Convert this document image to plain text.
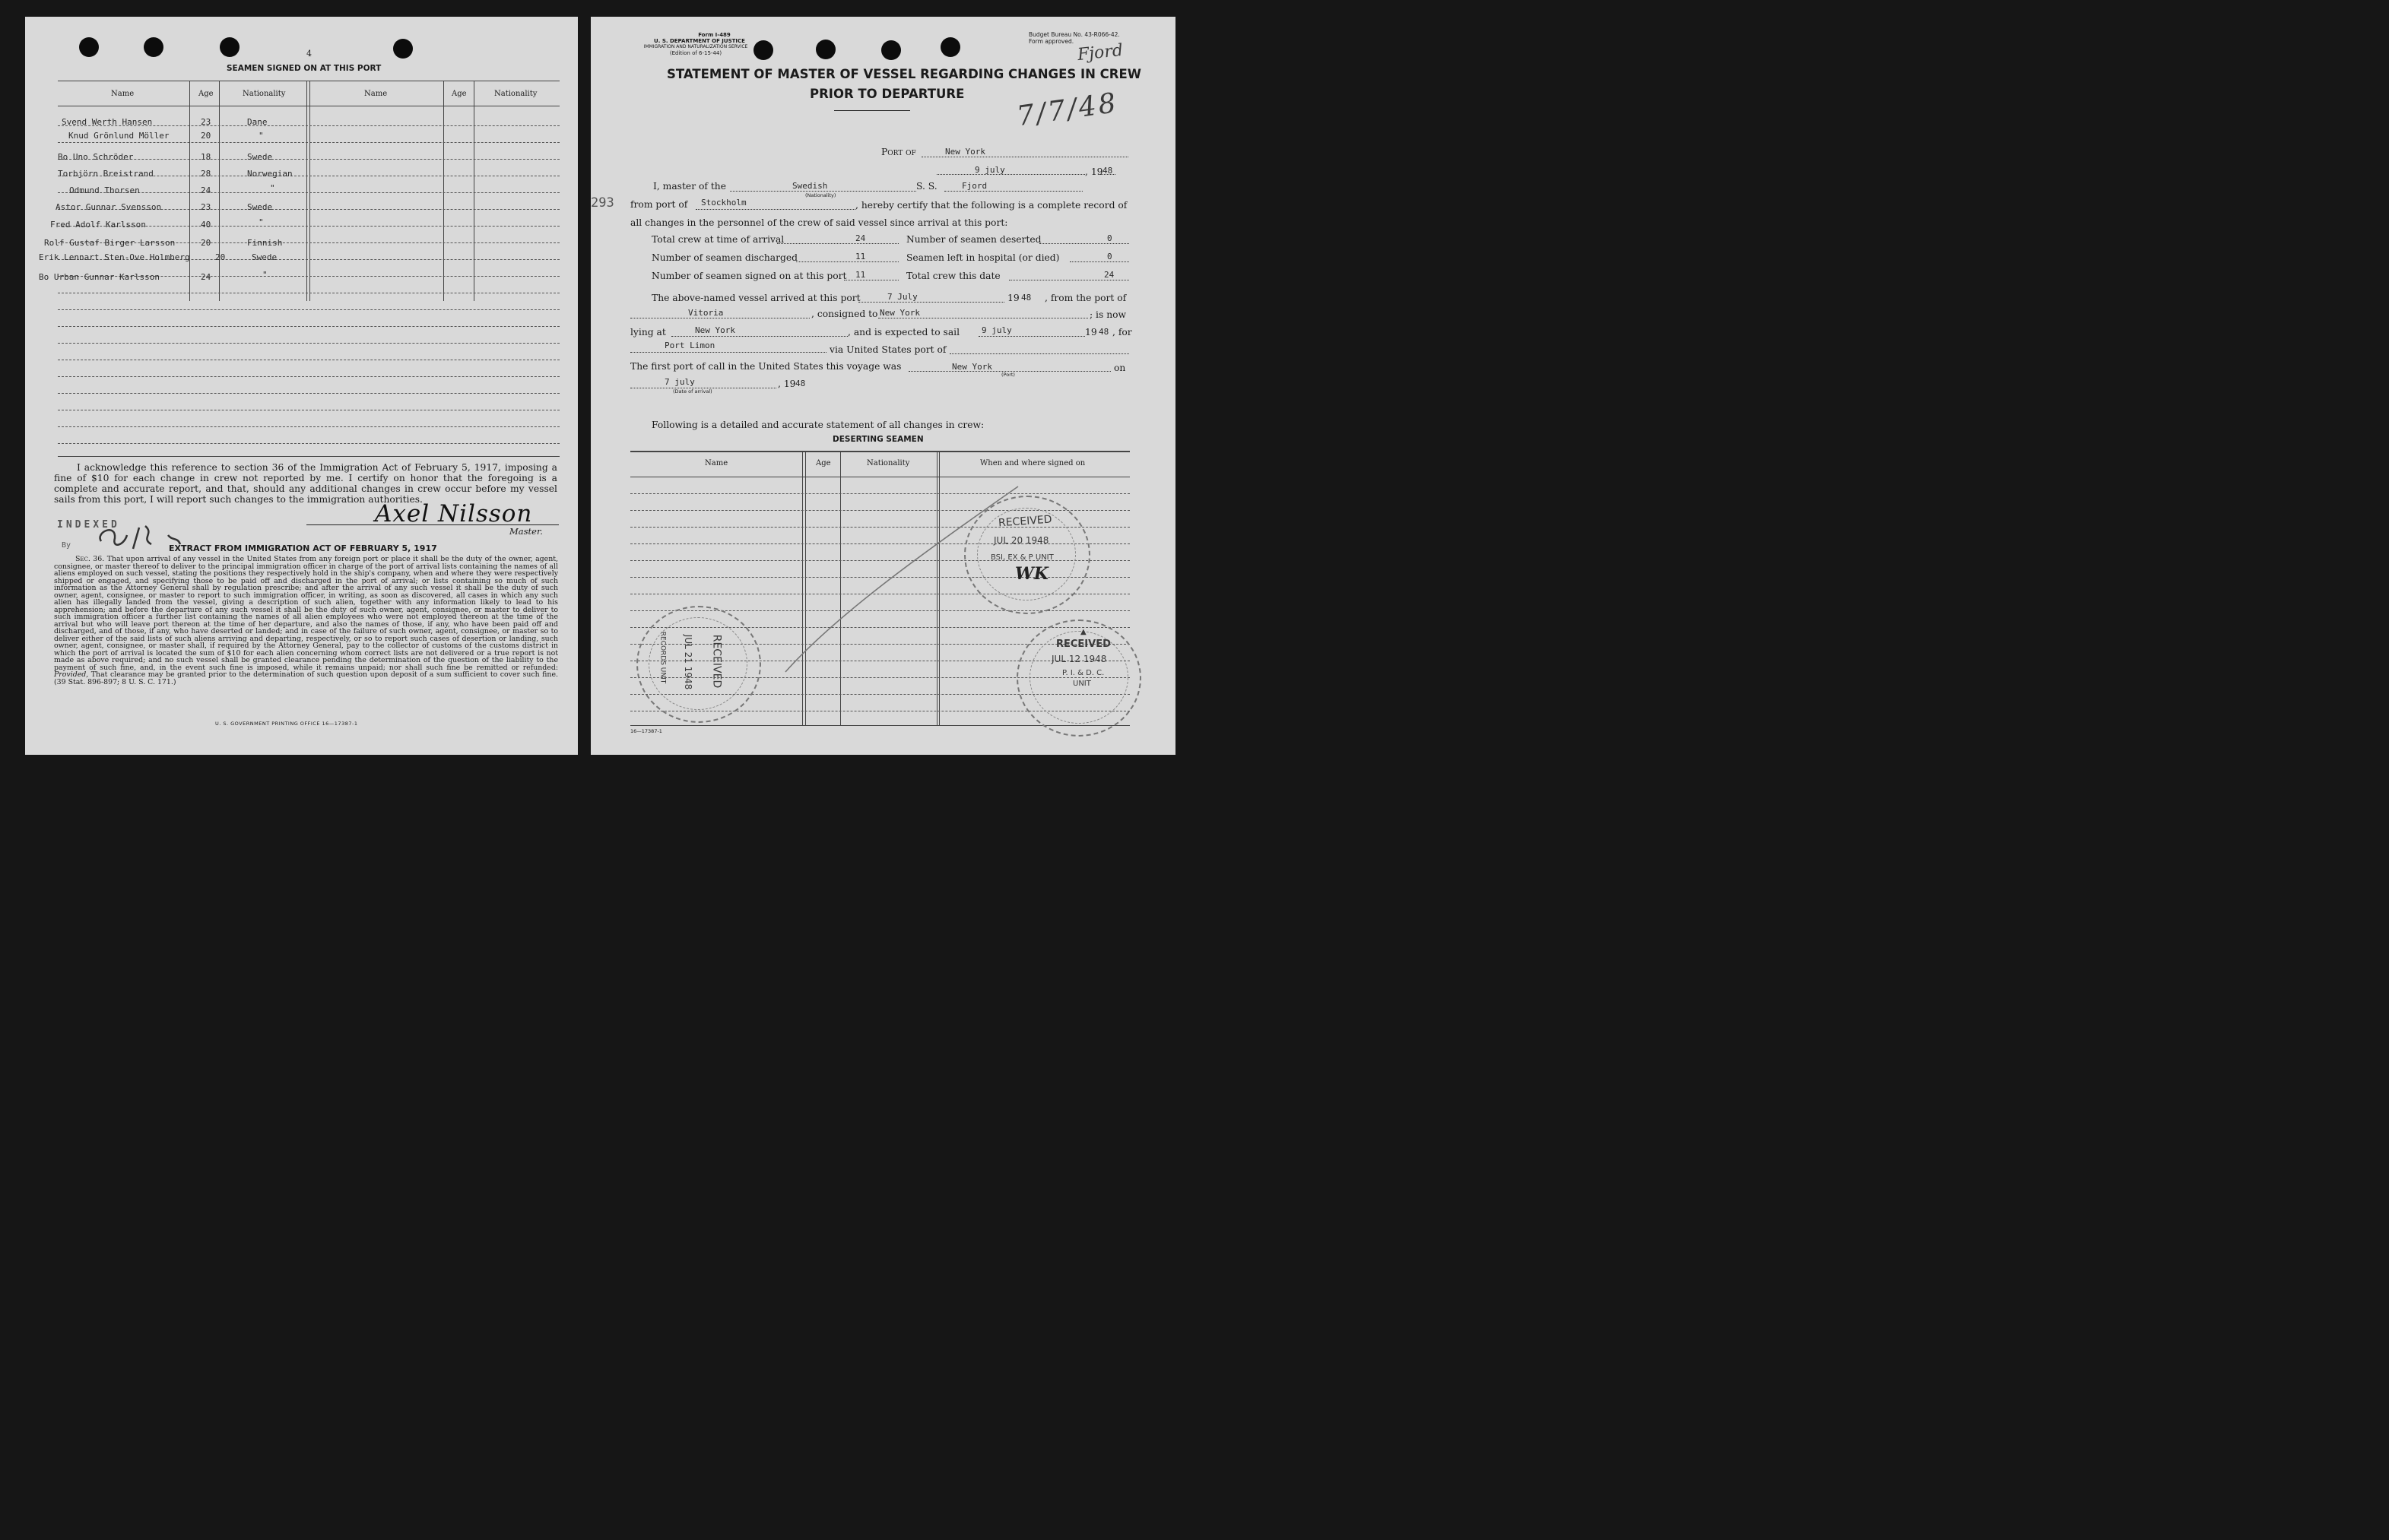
4
SEAMEN SIGNED ON AT THIS PORT
Name	Age	Nationality	Name	Age	Nationality
Svend Werth Hansen	23	Dane
Knud Grönlund Möller	20	"
Bo Uno Schröder	18	Swede
Torbjörn Breistrand	28	Norwegian
Odmund Thorsen	24	"
Astor Gunnar Svensson	23	Swede
Fred Adolf Karlsson	40	"
Rolf Gustaf Birger Larsson	20	Finnish
Erik Lennart Sten-Ove Holmberg	20	Swede
Bo Urban Gunnar Karlsson	24	"
I acknowledge this reference to section 36 of the Immigration Act of February 5, 1917, imposing a fine of $10 for each change in crew not reported by me. I certify on honor that the foregoing is a complete and accurate report, and that, should any additional changes in crew occur before my vessel sails from this port, I will report such changes to the immigration authorities.
INDEXED
By
Axel Nilsson
Master.
EXTRACT FROM IMMIGRATION ACT OF FEBRUARY 5, 1917
Sec. 36. That upon arrival of any vessel in the United States from any foreign port or place it shall be the duty of the owner, agent, consignee, or master thereof to deliver to the principal immigration officer in charge of the port of arrival lists containing the names of all aliens employed on such vessel, stating the positions they respectively hold in the ship's company, when and where they were respectively shipped or engaged, and specifying those to be paid off and discharged in the port of arrival; or lists containing so much of such information as the Attorney General shall by regulation prescribe; and after the arrival of any such vessel it shall be the duty of such owner, agent, consignee, or master to report to such immigration officer, in writing, as soon as discovered, all cases in which any such alien has illegally landed from the vessel, giving a description of such alien, together with any information likely to lead to his apprehension; and before the departure of any such vessel it shall be the duty of such owner, agent, consignee, or master to deliver to such immigration officer a further list containing the names of all alien employees who were not employed thereon at the time of the arrival but who will leave port thereon at the time of her departure, and also the names of those, if any, who have been paid off and discharged, and of those, if any, who have deserted or landed; and in case of the failure of such owner, agent, consignee, or master so to deliver either of the said lists of such aliens arriving and departing, respectively, or so to report such cases of desertion or landing, such owner, agent, consignee, or master shall, if required by the Attorney General, pay to the collector of customs of the customs district in which the port of arrival is located the sum of $10 for each alien concerning whom correct lists are not delivered or a true report is not made as above required; and no such vessel shall be granted clearance pending the determination of the question of the liability to the payment of such fine, and, in the event such fine is imposed, while it remains unpaid; nor shall such fine be remitted or refunded: Provided, That clearance may be granted prior to the determination of such question upon deposit of a sum sufficient to cover such fine. (39 Stat. 896-897; 8 U. S. C. 171.)
U. S. GOVERNMENT PRINTING OFFICE 16—17387-1
Form I-489
U. S. DEPARTMENT OF JUSTICE
IMMIGRATION AND NATURALIZATION SERVICE
(Edition of 6-15-44)
Budget Bureau No. 43-R066-42.
Form approved. Fjord
7/7/48
STATEMENT OF MASTER OF VESSEL REGARDING CHANGES IN CREW
PRIOR TO DEPARTURE
Port of	New York
9 july	, 19 48
I, master of the	Swedish
(Nationality)
S. S.	Fjord
293 from port of Stockholm	, hereby certify that the following is a complete record of
all changes in the personnel of the crew of said vessel since arrival at this port:
Total crew at time of arrival	24
Number of seamen discharged	11
Number of seamen signed on at this port 11
Number of seamen deserted	0
Seamen left in hospital (or died)	0
Total crew this date	24
The above-named vessel arrived at this port	7 July	19 48 , from the port of
Vitoria	, consigned to New York	; is now
lying at	New York	, and is expected to sail	9 july	19 48 , for
Port Limon	via United States port of
The first port of call in the United States this voyage was	New York
(Port)
on
7 july
(Date of arrival)
, 19 48
Following is a detailed and accurate statement of all changes in crew:
DESERTING SEAMEN
Name	Age	Nationality	When and where signed on
RECEIVED
JUL 20 1948
BSI, EX & P UNIT
WK
RECEIVED
JUL 21 1948
RECORDS UNIT	▲
RECEIVED
JUL 12 1948
P. I. & D. C.
UNIT
16—17387-1
